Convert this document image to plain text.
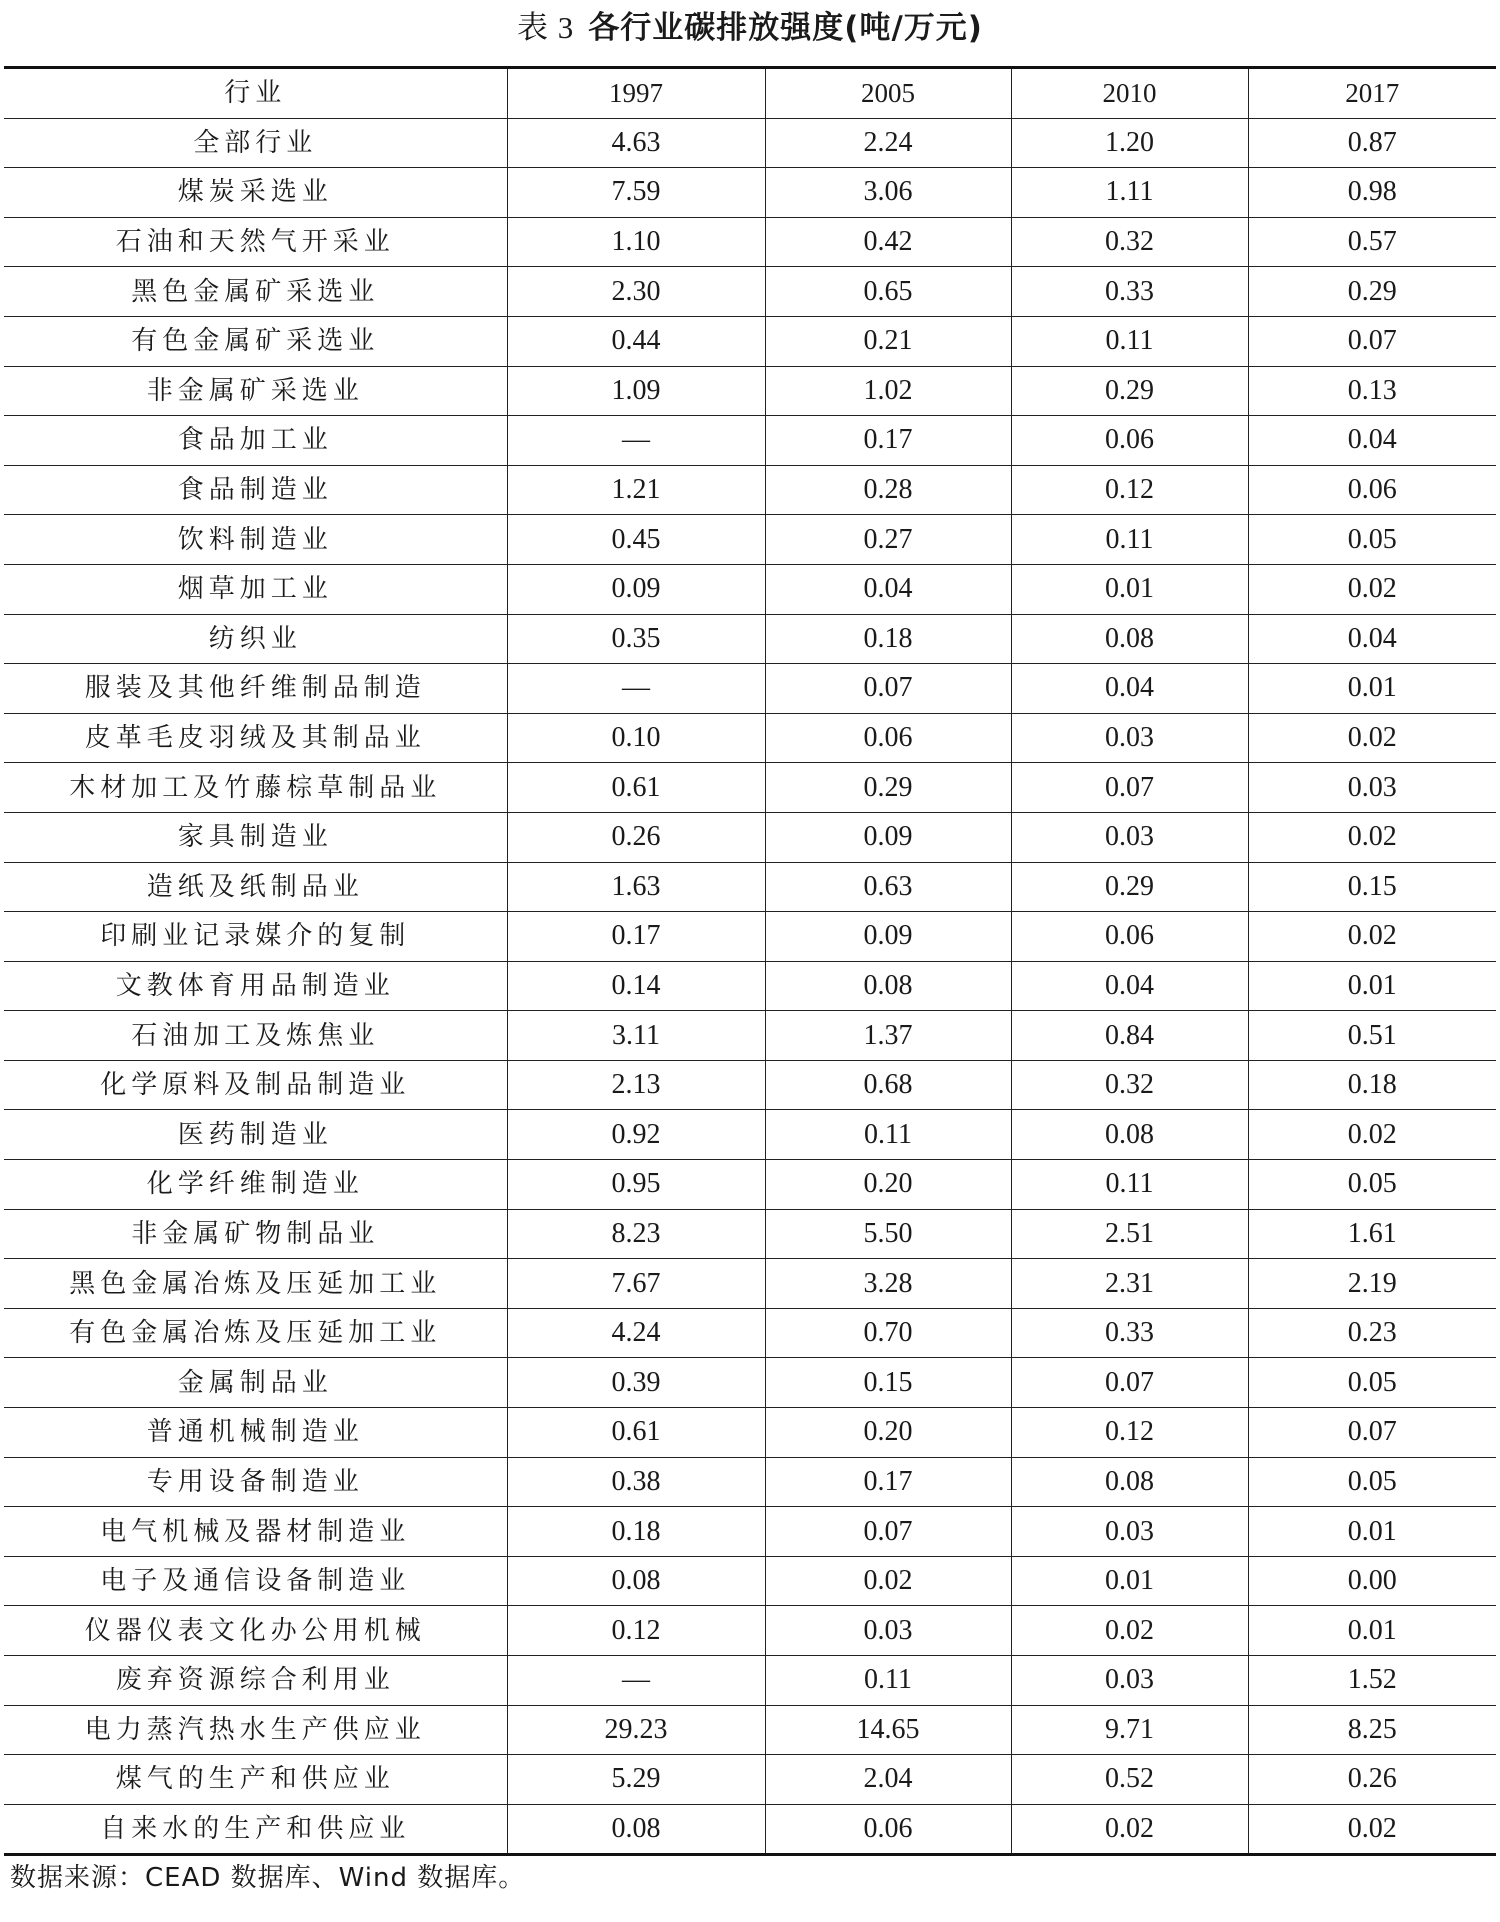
表 3 各行业碳排放强度(吨/万元)
行业	1997	2005	2010	2017
全部行业	4.63	2.24	1.20	0.87
煤炭采选业	7.59	3.06	1.11	0.98
石油和天然气开采业	1.10	0.42	0.32	0.57
黑色金属矿采选业	2.30	0.65	0.33	0.29
有色金属矿采选业	0.44	0.21	0.11	0.07
非金属矿采选业	1.09	1.02	0.29	0.13
食品加工业	—	0.17	0.06	0.04
食品制造业	1.21	0.28	0.12	0.06
饮料制造业	0.45	0.27	0.11	0.05
烟草加工业	0.09	0.04	0.01	0.02
纺织业	0.35	0.18	0.08	0.04
服装及其他纤维制品制造	—	0.07	0.04	0.01
皮革毛皮羽绒及其制品业	0.10	0.06	0.03	0.02
木材加工及竹藤棕草制品业	0.61	0.29	0.07	0.03
家具制造业	0.26	0.09	0.03	0.02
造纸及纸制品业	1.63	0.63	0.29	0.15
印刷业记录媒介的复制	0.17	0.09	0.06	0.02
文教体育用品制造业	0.14	0.08	0.04	0.01
石油加工及炼焦业	3.11	1.37	0.84	0.51
化学原料及制品制造业	2.13	0.68	0.32	0.18
医药制造业	0.92	0.11	0.08	0.02
化学纤维制造业	0.95	0.20	0.11	0.05
非金属矿物制品业	8.23	5.50	2.51	1.61
黑色金属冶炼及压延加工业	7.67	3.28	2.31	2.19
有色金属冶炼及压延加工业	4.24	0.70	0.33	0.23
金属制品业	0.39	0.15	0.07	0.05
普通机械制造业	0.61	0.20	0.12	0.07
专用设备制造业	0.38	0.17	0.08	0.05
电气机械及器材制造业	0.18	0.07	0.03	0.01
电子及通信设备制造业	0.08	0.02	0.01	0.00
仪器仪表文化办公用机械	0.12	0.03	0.02	0.01
废弃资源综合利用业	—	0.11	0.03	1.52
电力蒸汽热水生产供应业	29.23	14.65	9.71	8.25
煤气的生产和供应业	5.29	2.04	0.52	0.26
自来水的生产和供应业	0.08	0.06	0.02	0.02
数据来源：CEAD 数据库、Wind 数据库。
